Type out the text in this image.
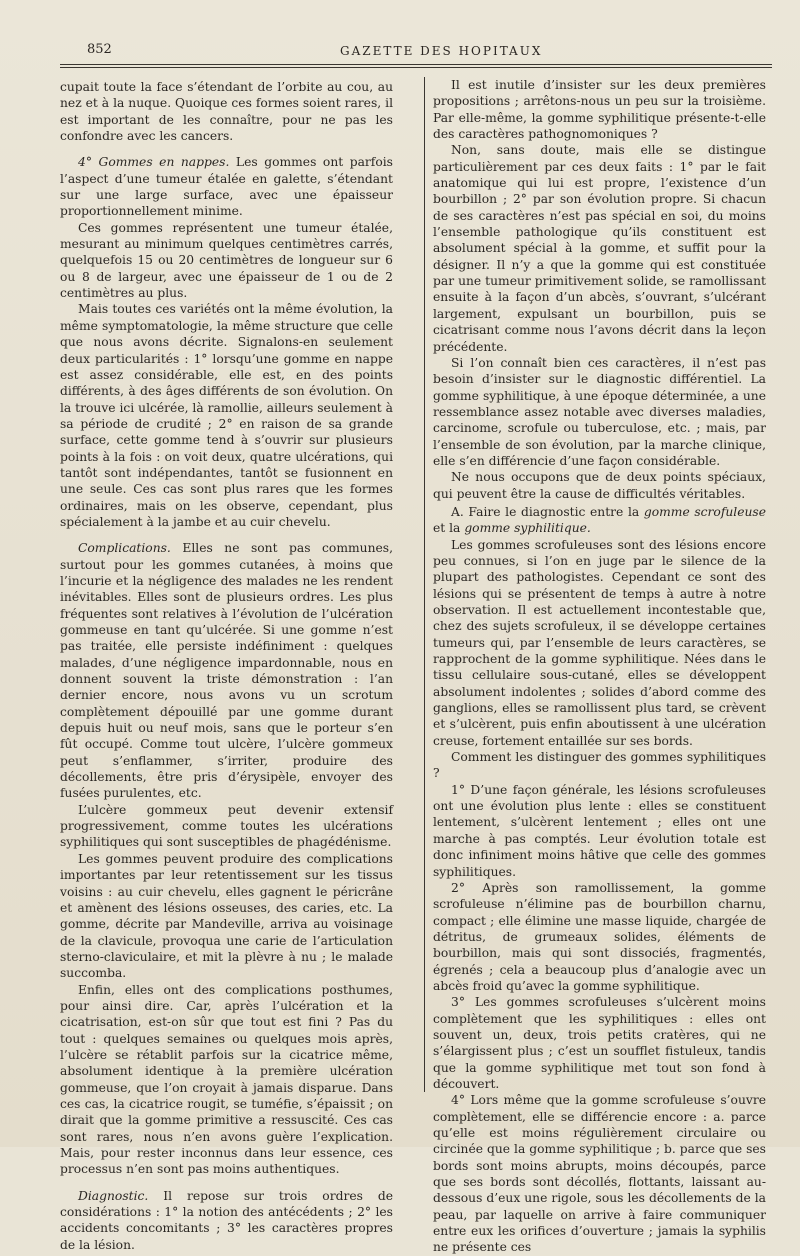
852	GAZETTE DES HOPITAUX

cupait toute la face s’étendant de l’orbite au cou, au nez et à la nuque. Quoique ces formes soient rares, il est important de les connaître, pour ne pas les confondre avec les cancers.

4° Gommes en nappes. Les gommes ont parfois l’aspect d’une tumeur étalée en galette, s’étendant sur une large surface, avec une épaisseur proportionnellement minime.

Ces gommes représentent une tumeur étalée, mesurant au minimum quelques centimètres carrés, quelquefois 15 ou 20 centimètres de longueur sur 6 ou 8 de largeur, avec une épaisseur de 1 ou de 2 centimètres au plus.

Mais toutes ces variétés ont la même évolution, la même symptomatologie, la même structure que celle que nous avons décrite. Signalons-en seulement deux particularités : 1° lorsqu’une gomme en nappe est assez considérable, elle est, en des points différents, à des âges différents de son évolution. On la trouve ici ulcérée, là ramollie, ailleurs seulement à sa période de crudité ; 2° en raison de sa grande surface, cette gomme tend à s’ouvrir sur plusieurs points à la fois : on voit deux, quatre ulcérations, qui tantôt sont indépendantes, tantôt se fusionnent en une seule. Ces cas sont plus rares que les formes ordinaires, mais on les observe, cependant, plus spécialement à la jambe et au cuir chevelu.

Complications. Elles ne sont pas communes, surtout pour les gommes cutanées, à moins que l’incurie et la négligence des malades ne les rendent inévitables. Elles sont de plusieurs ordres. Les plus fréquentes sont relatives à l’évolution de l’ulcération gommeuse en tant qu’ulcérée. Si une gomme n’est pas traitée, elle persiste indéfiniment : quelques malades, d’une négligence impardonnable, nous en donnent souvent la triste démonstration : l’an dernier encore, nous avons vu un scrotum complètement dépouillé par une gomme durant depuis huit ou neuf mois, sans que le porteur s’en fût occupé. Comme tout ulcère, l’ulcère gommeux peut s’enflammer, s’irriter, produire des décollements, être pris d’érysipèle, envoyer des fusées purulentes, etc.

L’ulcère gommeux peut devenir extensif progressivement, comme toutes les ulcérations syphilitiques qui sont susceptibles de phagédénisme.

Les gommes peuvent produire des complications importantes par leur retentissement sur les tissus voisins : au cuir chevelu, elles gagnent le péricrâne et amènent des lésions osseuses, des caries, etc. La gomme, décrite par Mandeville, arriva au voisinage de la clavicule, provoqua une carie de l’articulation sterno-claviculaire, et mit la plèvre à nu ; le malade succomba.

Enfin, elles ont des complications posthumes, pour ainsi dire. Car, après l’ulcération et la cicatrisation, est-on sûr que tout est fini ? Pas du tout : quelques semaines ou quelques mois après, l’ulcère se rétablit parfois sur la cicatrice même, absolument identique à la première ulcération gommeuse, que l’on croyait à jamais disparue. Dans ces cas, la cicatrice rougit, se tuméfie, s’épaissit ; on dirait que la gomme primitive a ressuscité. Ces cas sont rares, nous n’en avons guère l’explication. Mais, pour rester inconnus dans leur essence, ces processus n’en sont pas moins authentiques.

Diagnostic. Il repose sur trois ordres de considérations : 1° la notion des antécédents ; 2° les accidents concomitants ; 3° les caractères propres de la lésion.

Il est inutile d’insister sur les deux premières propositions ; arrêtons-nous un peu sur la troisième. Par elle-même, la gomme syphilitique présente-t-elle des caractères pathognomoniques ?

Non, sans doute, mais elle se distingue particulièrement par ces deux faits : 1° par le fait anatomique qui lui est propre, l’existence d’un bourbillon ; 2° par son évolution propre. Si chacun de ses caractères n’est pas spécial en soi, du moins l’ensemble pathologique qu’ils constituent est absolument spécial à la gomme, et suffit pour la désigner. Il n’y a que la gomme qui est constituée par une tumeur primitivement solide, se ramollissant ensuite à la façon d’un abcès, s’ouvrant, s’ulcérant largement, expulsant un bourbillon, puis se cicatrisant comme nous l’avons décrit dans la leçon précédente.

Si l’on connaît bien ces caractères, il n’est pas besoin d’insister sur le diagnostic différentiel. La gomme syphilitique, à une époque déterminée, a une ressemblance assez notable avec diverses maladies, carcinome, scrofule ou tuberculose, etc. ; mais, par l’ensemble de son évolution, par la marche clinique, elle s’en différencie d’une façon considérable.

Ne nous occupons que de deux points spéciaux, qui peuvent être la cause de difficultés véritables.

A. Faire le diagnostic entre la gomme scrofuleuse et la gomme syphilitique.

Les gommes scrofuleuses sont des lésions encore peu connues, si l’on en juge par le silence de la plupart des pathologistes. Cependant ce sont des lésions qui se présentent de temps à autre à notre observation. Il est actuellement incontestable que, chez des sujets scrofuleux, il se développe certaines tumeurs qui, par l’ensemble de leurs caractères, se rapprochent de la gomme syphilitique. Nées dans le tissu cellulaire sous-cutané, elles se développent absolument indolentes ; solides d’abord comme des ganglions, elles se ramollissent plus tard, se crèvent et s’ulcèrent, puis enfin aboutissent à une ulcération creuse, fortement entaillée sur ses bords.

Comment les distinguer des gommes syphilitiques ?

1° D’une façon générale, les lésions scrofuleuses ont une évolution plus lente : elles se constituent lentement, s’ulcèrent lentement ; elles ont une marche à pas comptés. Leur évolution totale est donc infiniment moins hâtive que celle des gommes syphilitiques.

2° Après son ramollissement, la gomme scrofuleuse n’élimine pas de bourbillon charnu, compact ; elle élimine une masse liquide, chargée de détritus, de grumeaux solides, éléments de bourbillon, mais qui sont dissociés, fragmentés, égrenés ; cela a beaucoup plus d’analogie avec un abcès froid qu’avec la gomme syphilitique.

3° Les gommes scrofuleuses s’ulcèrent moins complètement que les syphilitiques : elles ont souvent un, deux, trois petits cratères, qui ne s’élargissent plus ; c’est un soufflet fistuleux, tandis que la gomme syphilitique met tout son fond à découvert.

4° Lors même que la gomme scrofuleuse s’ouvre complètement, elle se différencie encore : a. parce qu’elle est moins régulièrement circulaire ou circinée que la gomme syphilitique ; b. parce que ses bords sont moins abrupts, moins découpés, parce que ses bords sont décollés, flottants, laissant au-dessous d’eux une rigole, sous les décollements de la peau, par laquelle on arrive à faire communiquer entre eux les orifices d’ouverture ; jamais la syphilis ne présente ces
